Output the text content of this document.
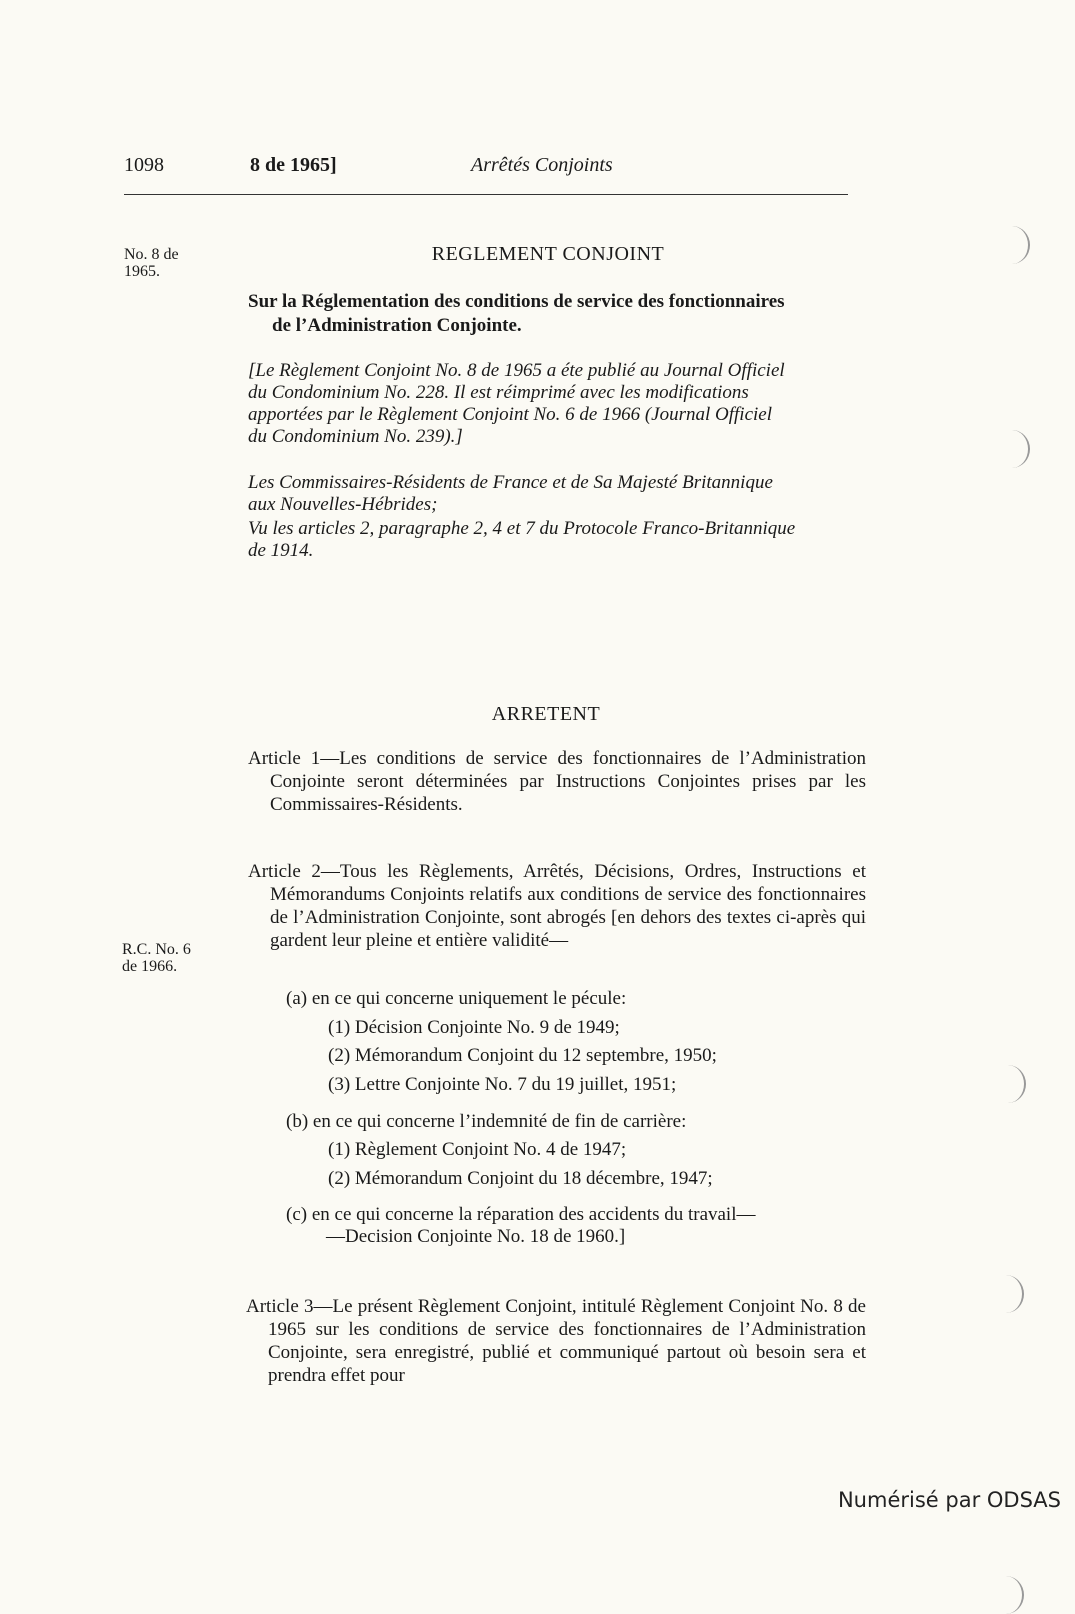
1098	8 de 1965]	Arrêtés Conjoints
No. 8 de
1965.
R.C. No. 6
de 1966.
REGLEMENT CONJOINT
Sur la Réglementation des conditions de service des fonctionnaires
de l’Administration Conjointe.
[Le Règlement Conjoint No. 8 de 1965 a éte publié au Journal Officiel
du Condominium No. 228. Il est réimprimé avec les modifications
apportées par le Règlement Conjoint No. 6 de 1966 (Journal Officiel
du Condominium No. 239).]
Les Commissaires-Résidents de France et de Sa Majesté Britannique
aux Nouvelles-Hébrides;
Vu les articles 2, paragraphe 2, 4 et 7 du Protocole Franco-Britannique
de 1914.
ARRETENT
Article 1—Les conditions de service des fonctionnaires de l’Administration Conjointe seront déterminées par Instructions Conjointes prises par les Commissaires-Résidents.
Article 2—Tous les Règlements, Arrêtés, Décisions, Ordres, Instructions et Mémorandums Conjoints relatifs aux conditions de service des fonctionnaires de l’Administration Conjointe, sont abrogés [en dehors des textes ci-après qui gardent leur pleine et entière validité—
(a) en ce qui concerne uniquement le pécule:
(1) Décision Conjointe No. 9 de 1949;
(2) Mémorandum Conjoint du 12 septembre, 1950;
(3) Lettre Conjointe No. 7 du 19 juillet, 1951;
(b) en ce qui concerne l’indemnité de fin de carrière:
(1) Règlement Conjoint No. 4 de 1947;
(2) Mémorandum Conjoint du 18 décembre, 1947;
(c) en ce qui concerne la réparation des accidents du travail—
—Decision Conjointe No. 18 de 1960.]
Article 3—Le présent Règlement Conjoint, intitulé Règlement Conjoint No. 8 de 1965 sur les conditions de service des fonctionnaires de l’Administration Conjointe, sera enregistré, publié et communiqué partout où besoin sera et prendra effet pour
Numérisé par ODSAS
